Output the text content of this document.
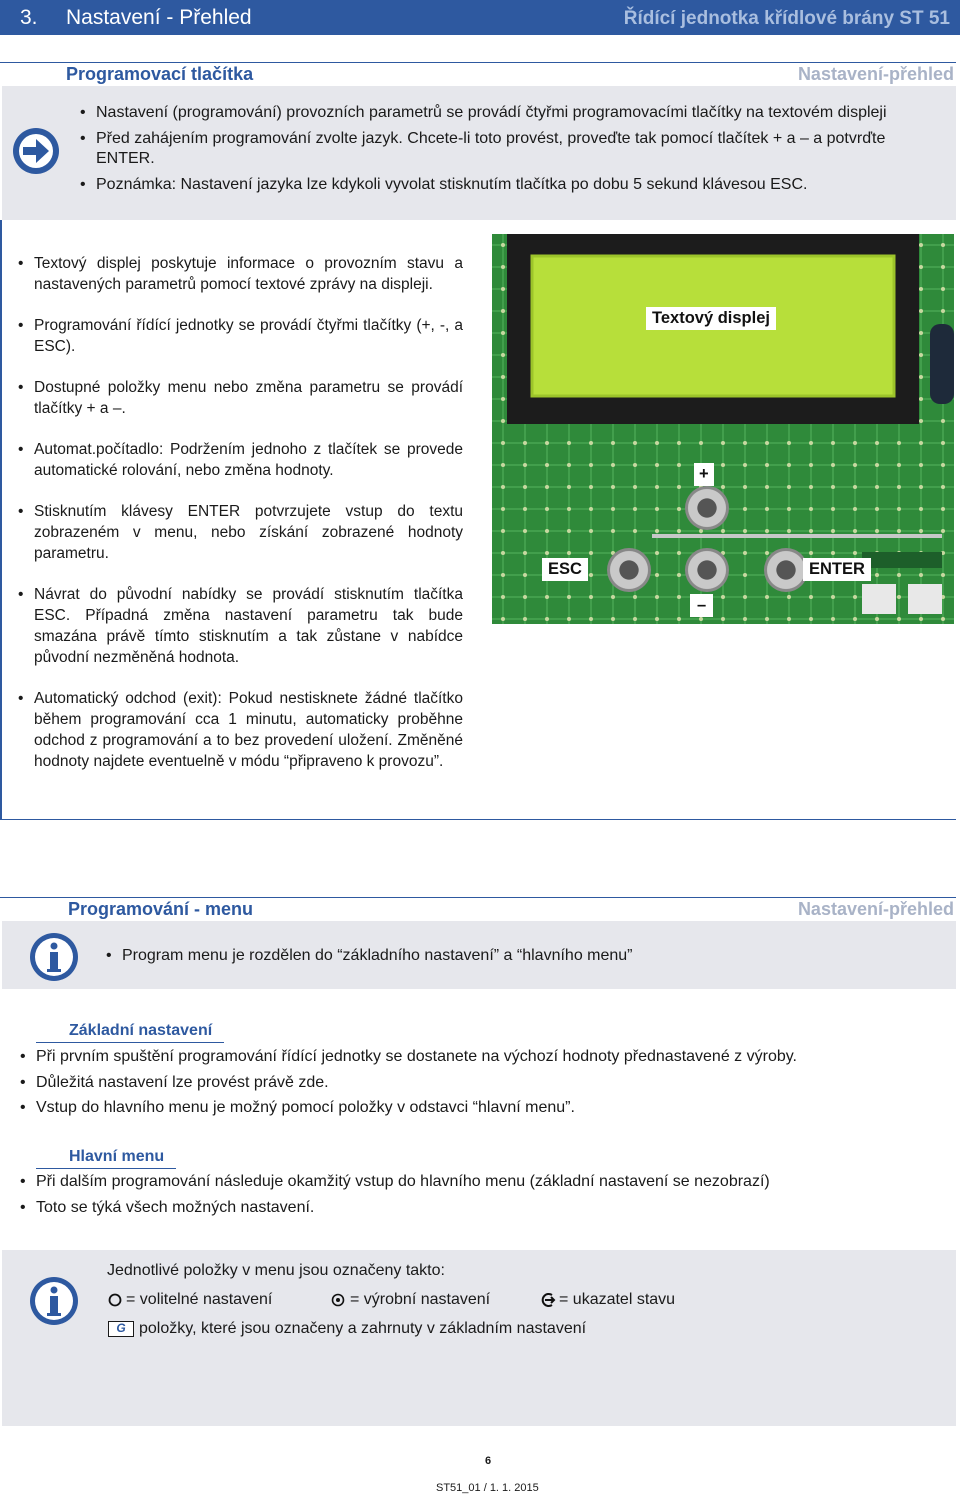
3. Nastavení - Přehled	Řídící jednotka křídlové brány ST 51
Programovací tlačítka	Nastavení-přehled
• Nastavení (programování) provozních parametrů se provádí čtyřmi programovacími tlačítky na textovém displeji
• Před zahájením programování zvolte jazyk. Chcete-li toto provést, proveďte tak pomocí tlačítek + a – a potvrďte ENTER.
• Poznámka: Nastavení jazyka lze kdykoli vyvolat stisknutím tlačítka po dobu 5 sekund klávesou ESC.

• Textový displej poskytuje informace o provozním stavu a nastavených parametrů pomocí textové zprávy na displeji.

• Programování řídící jednotky se provádí čtyřmi tlačítky (+, -, a ESC).

• Dostupné položky menu nebo změna parametru se provádí tlačítky + a –.

• Automat.počítadlo: Podržením jednoho z tlačítek se provede automatické rolování, nebo změna hodnoty.

• Stisknutím klávesy ENTER potvrzujete vstup do textu zobrazeném v menu, nebo získání zobrazené hodnoty parametru.

• Návrat do původní nabídky se provádí stisknutím tlačítka ESC. Případná změna nastavení parametru tak bude smazána právě tímto stisknutím a tak zůstane v nabídce původní nezměněná hodnota.

• Automatický odchod (exit): Pokud nestisknete žádné tlačítko během programování cca 1 minutu, automaticky proběhne odchod z programování a to bez provedení uložení. Změněné hodnoty najdete eventuelně v módu “připraveno k provozu”.

Textový displej
+
ESC	ENTER
–
Programování - menu	Nastavení-přehled
• Program menu je rozdělen do “základního nastavení” a “hlavního menu”
Základní nastavení
• Při prvním spuštění programování řídící jednotky se dostanete na výchozí hodnoty přednastavené z výroby.
• Důležitá nastavení lze provést právě zde.
• Vstup do hlavního menu je možný pomocí položky v odstavci “hlavní menu”.
Hlavní menu
• Při dalším programování následuje okamžitý vstup do hlavního menu (základní nastavení se nezobrazí)
• Toto se týká všech možných nastavení.
Jednotlivé položky v menu jsou označeny takto:
= volitelné nastavení	= výrobní nastavení	= ukazatel stavu
G položky, které jsou označeny a zahrnuty v základním nastavení
6
ST51_01 / 1. 1. 2015
